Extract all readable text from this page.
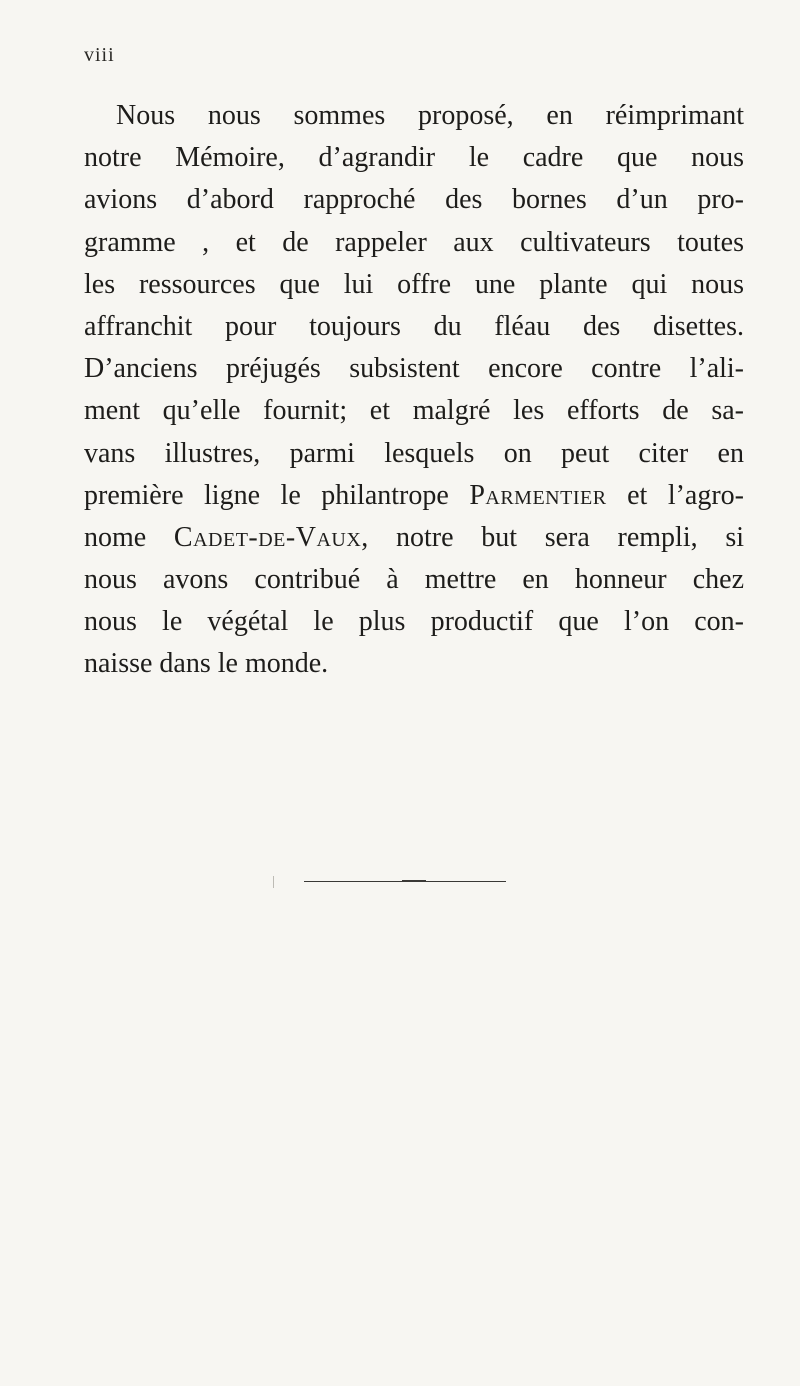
viii
Nous nous sommes proposé, en réimprimant
notre Mémoire, d’agrandir le cadre que nous
avions d’abord rapproché des bornes d’un pro-
gramme , et de rappeler aux cultivateurs toutes
les ressources que lui offre une plante qui nous
affranchit pour toujours du fléau des disettes.
D’anciens préjugés subsistent encore contre l’ali-
ment qu’elle fournit; et malgré les efforts de sa-
vans illustres, parmi lesquels on peut citer en
première ligne le philantrope Parmentier et l’agro-
nome Cadet-de-Vaux, notre but sera rempli, si
nous avons contribué à mettre en honneur chez
nous le végétal le plus productif que l’on con-
naisse dans le monde.
